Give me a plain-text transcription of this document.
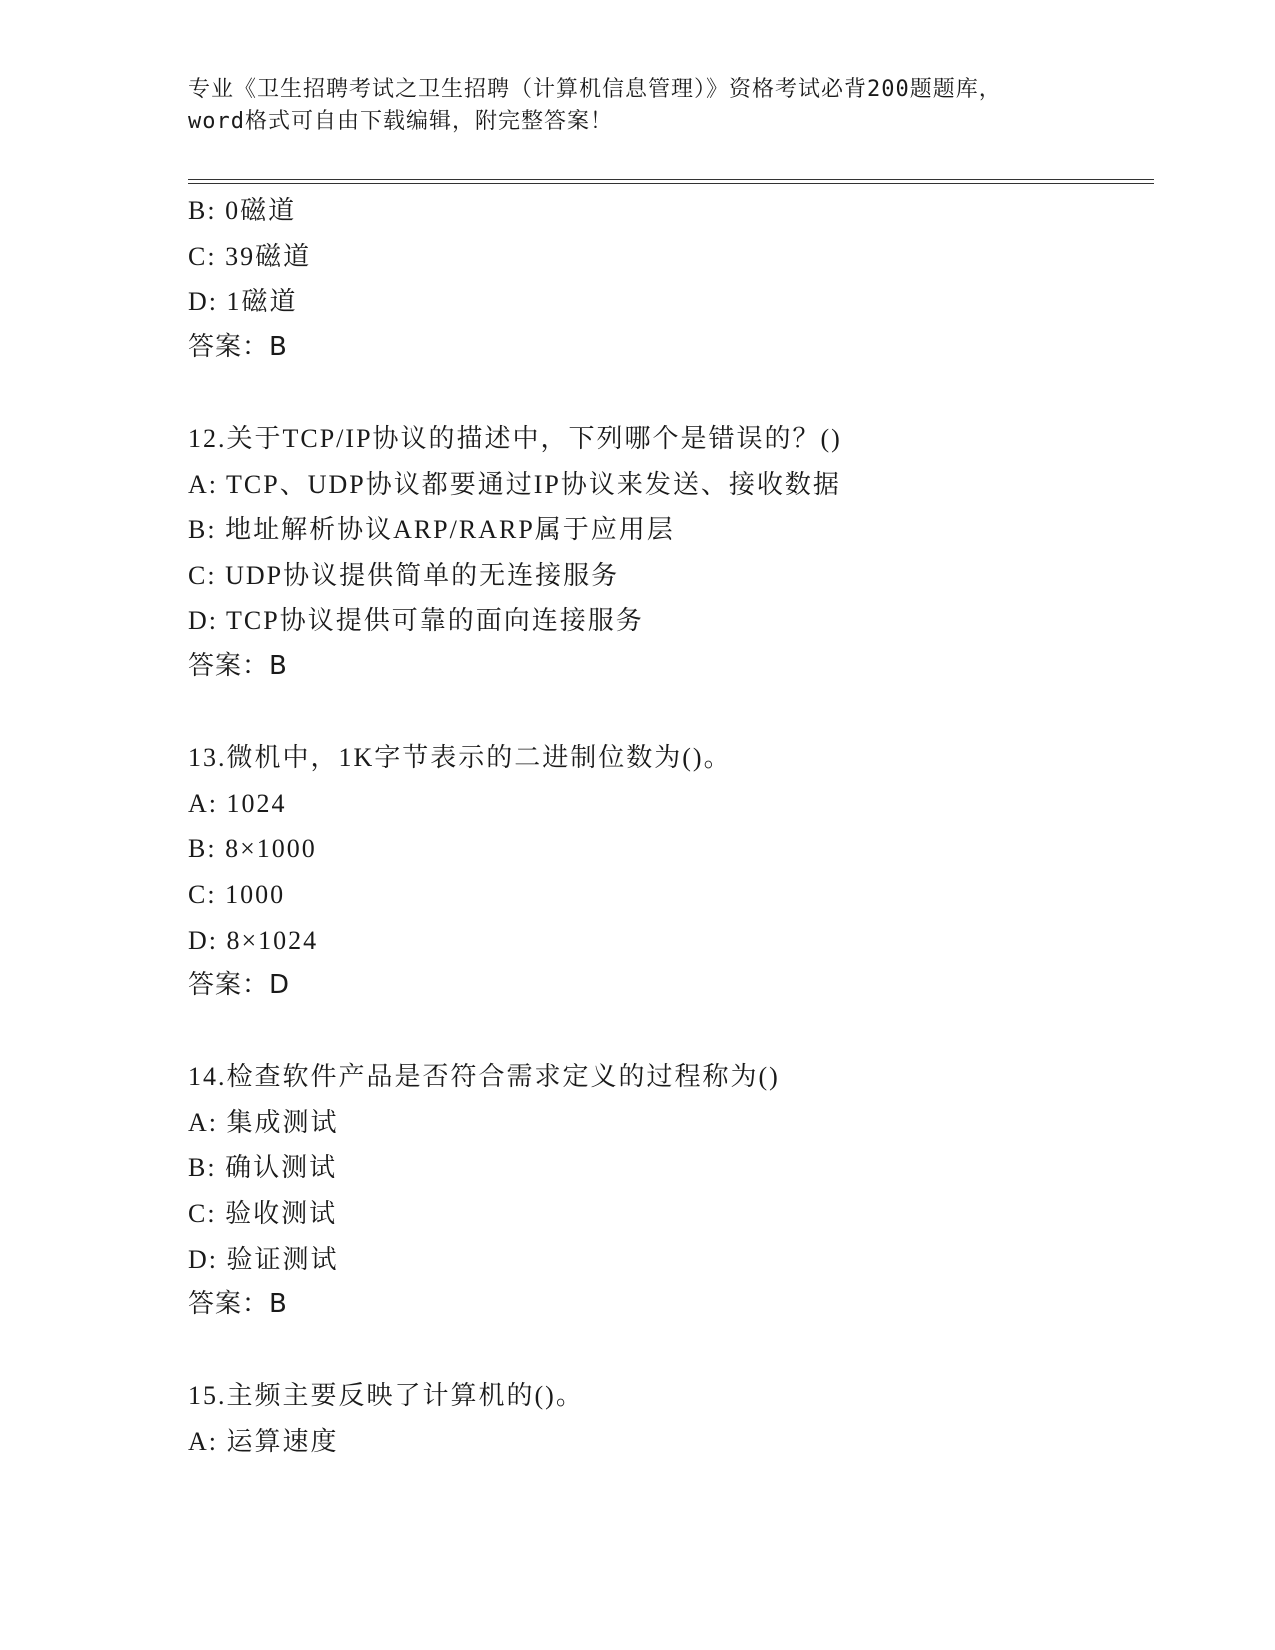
专业《卫生招聘考试之卫生招聘（计算机信息管理）》资格考试必背200题题库，
word格式可自由下载编辑，附完整答案！
B: 0磁道
C: 39磁道
D: 1磁道
答案：B
12.关于TCP/IP协议的描述中，下列哪个是错误的？()
A: TCP、UDP协议都要通过IP协议来发送、接收数据
B: 地址解析协议ARP/RARP属于应用层
C: UDP协议提供简单的无连接服务
D: TCP协议提供可靠的面向连接服务
答案：B
13.微机中，1K字节表示的二进制位数为()。
A: 1024
B: 8×1000
C: 1000
D: 8×1024
答案：D
14.检查软件产品是否符合需求定义的过程称为()
A: 集成测试
B: 确认测试
C: 验收测试
D: 验证测试
答案：B
15.主频主要反映了计算机的()。
A: 运算速度
